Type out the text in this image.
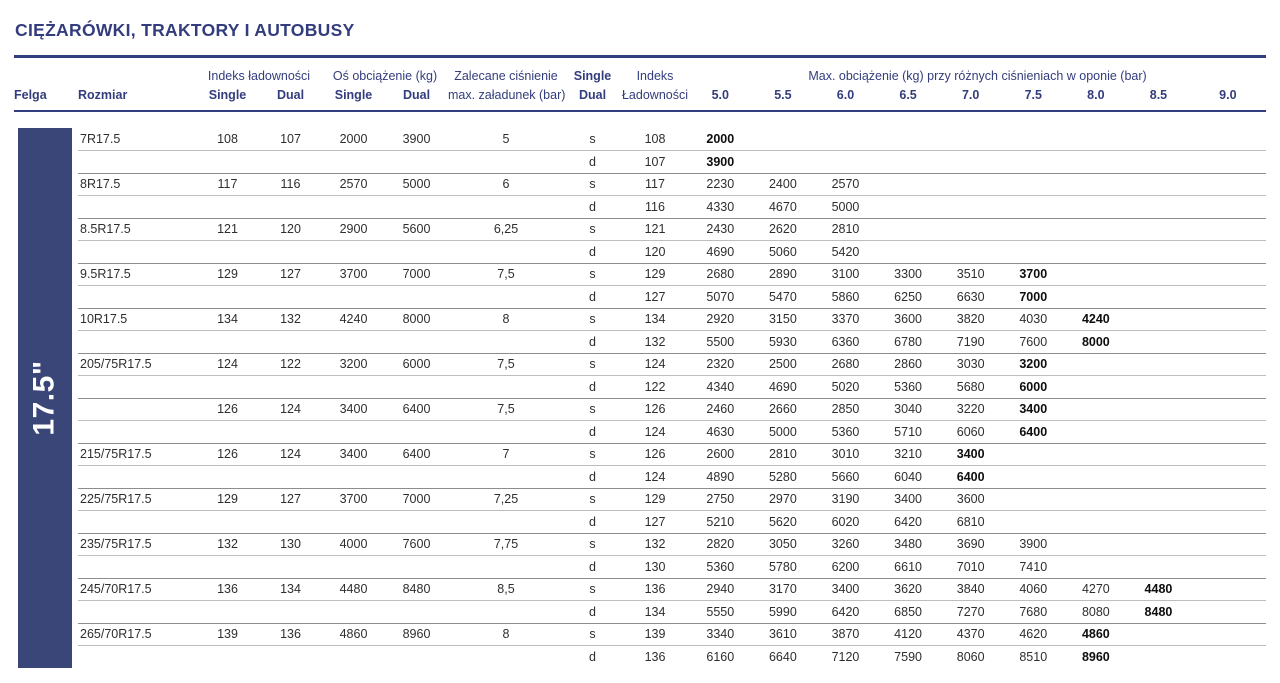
CIĘŻARÓWKI, TRAKTORY I AUTOBUSY
Felga	Rozmiar
Indeks ładowności
Single	Dual
Oś obciążenie (kg)
Single	Dual
Zalecane ciśnienie
max. załadunek (bar)
Single
Dual
Indeks
Ładowności
Max. obciążenie (kg) przy różnych ciśnieniach w oponie (bar)
5.0	5.5	6.0	6.5	7.0	7.5	8.0	8.5	9.0
17.5"
7R17.5	108	107	2000	3900	5	s	108	2000
d	107	3900
8R17.5	117	116	2570	5000	6	s	117	2230	2400	2570
d	116	4330	4670	5000
8.5R17.5	121	120	2900	5600	6,25	s	121	2430	2620	2810
d	120	4690	5060	5420
9.5R17.5	129	127	3700	7000	7,5	s	129	2680	2890	3100	3300	3510	3700
d	127	5070	5470	5860	6250	6630	7000
10R17.5	134	132	4240	8000	8	s	134	2920	3150	3370	3600	3820	4030	4240
d	132	5500	5930	6360	6780	7190	7600	8000
205/75R17.5	124	122	3200	6000	7,5	s	124	2320	2500	2680	2860	3030	3200
d	122	4340	4690	5020	5360	5680	6000
126	124	3400	6400	7,5	s	126	2460	2660	2850	3040	3220	3400
d	124	4630	5000	5360	5710	6060	6400
215/75R17.5	126	124	3400	6400	7	s	126	2600	2810	3010	3210	3400
d	124	4890	5280	5660	6040	6400
225/75R17.5	129	127	3700	7000	7,25	s	129	2750	2970	3190	3400	3600
d	127	5210	5620	6020	6420	6810
235/75R17.5	132	130	4000	7600	7,75	s	132	2820	3050	3260	3480	3690	3900
d	130	5360	5780	6200	6610	7010	7410
245/70R17.5	136	134	4480	8480	8,5	s	136	2940	3170	3400	3620	3840	4060	4270	4480
d	134	5550	5990	6420	6850	7270	7680	8080	8480
265/70R17.5	139	136	4860	8960	8	s	139	3340	3610	3870	4120	4370	4620	4860
d	136	6160	6640	7120	7590	8060	8510	8960
